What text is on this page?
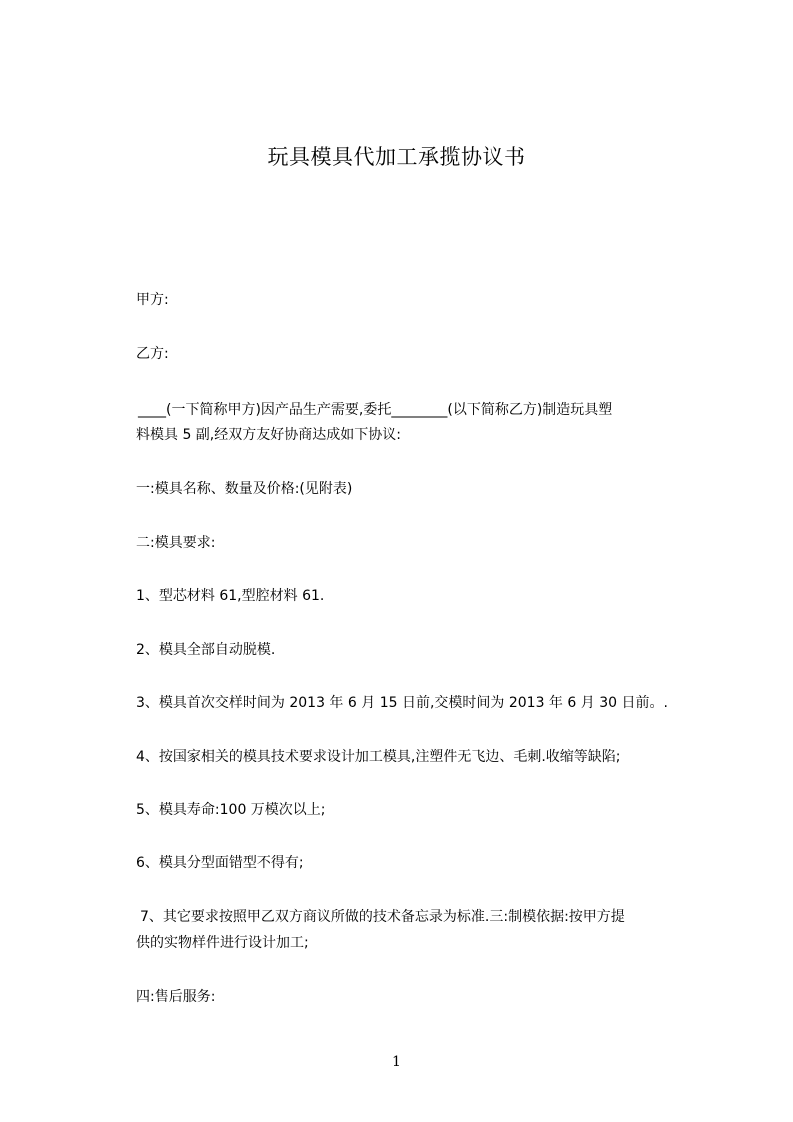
玩具模具代加工承揽协议书
甲方:
乙方:
____(一下简称甲方)因产品生产需要,委托________(以下简称乙方)制造玩具塑
料模具 5 副,经双方友好协商达成如下协议:
一:模具名称、数量及价格:(见附表)
二:模具要求:
1、型芯材料 61,型腔材料 61.
2、模具全部自动脱模.
3、模具首次交样时间为 2013 年 6 月 15 日前,交模时间为 2013 年 6 月 30 日前。.
4、按国家相关的模具技术要求设计加工模具,注塑件无飞边、毛刺.收缩等缺陷;
5、模具寿命:100 万模次以上;
6、模具分型面错型不得有;
7、其它要求按照甲乙双方商议所做的技术备忘录为标准.三:制模依据:按甲方提
供的实物样件进行设计加工;
四:售后服务:
1
